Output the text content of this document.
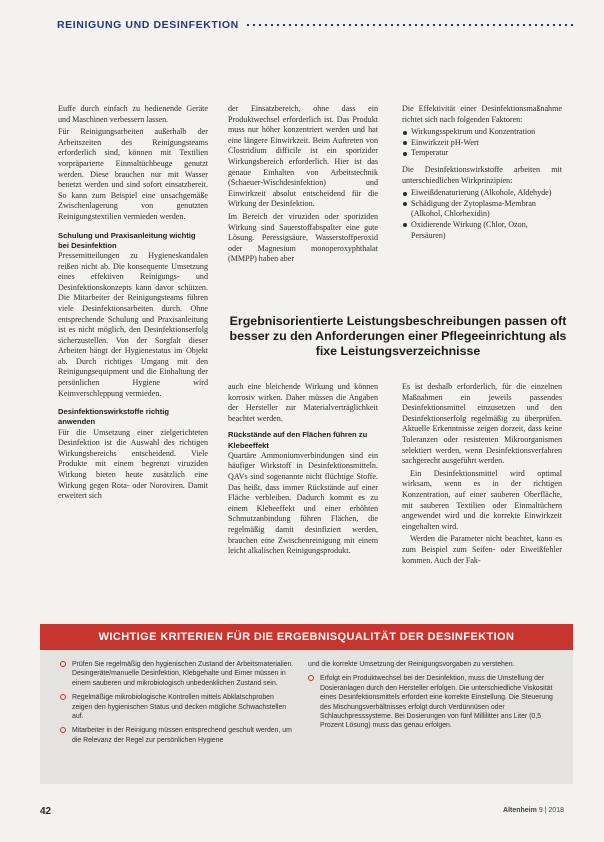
REINIGUNG UND DESINFEKTION

Euffe durch einfach zu bedienende Geräte und Maschinen verbessern lassen.

Für Reinigungsarbeiten außerhalb der Arbeitszeiten des Reinigungsteams erforderlich sind, können mit Textilien vorpräparierte Einmaltüchbeuge genutzt werden. Diese brauchen nur mit Wasser benetzt werden und sind sofort einsatzbereit. So kann zum Beispiel eine unsachgemäße Zwischenlagerung von genutzten Reinigungstextilien vermieden werden.

Schulung und Praxisanleitung wichtig bei Desinfektion

Pressemitteilungen zu Hygieneskandalen reißen nicht ab. Die konsequente Umsetzung eines effektiven Reinigungs- und Desinfektionskonzepts kann davor schützen. Die Mitarbeiter der Reinigungsteams führen viele Desinfektionsarbeiten durch. Ohne entsprechende Schulung und Praxisanleitung ist es nicht möglich, den Desinfektionserfolg sicherzustellen. Von der Sorgfalt dieser Arbeiten hängt der Hygienestatus im Objekt ab. Durch richtiges Umgang mit den Reinigungsequipment und die Einhaltung der persönlichen Hygiene wird Keimverschleppung vermieden.

Desinfektionswirkstoffe richtig anwenden

Für die Umsetzung einer zielgerichteten Desinfektion ist die Auswahl des richtigen Wirkungsbereichs entscheidend. Viele Produkte mit einem begrenzt viruziden Wirkung bieten heute zusätzlich eine Wirkung gegen Rota- oder Noroviren. Damit erweitert sich

der Einsatzbereich, ohne dass ein Produktwechsel erforderlich ist. Das Produkt muss nur höher konzentriert werden und hat eine längere Einwirkzeit. Beim Auftreten von Clostridium difficile ist ein sporizider Wirkungsbereich erforderlich. Hier ist das genaue Einhalten von Arbeitstechnik (Schaeuer-Wischdesinfektion) und Einwirkzeit absolut entscheidend für die Wirkung der Desinfektion.

Im Bereich der viruziden oder sporiziden Wirkung sind Sauerstoffabspalter eine gute Lösung. Peressigsäure, Wasserstoffperoxid oder Magnesium monoperoxyphthalat (MMPP) haben aber

Die Effektivität einer Desinfektionsmaßnahme richtet sich nach folgenden Faktoren:

Wirkungsspektrum und Konzentration
Einwirkzeit pH-Wert
Temperatur

Die Desinfektionswirkstoffe arbeiten mit unterschiedlichen Wirkprinzipien:

Eiweißdenaturierung (Alkohole, Aldehyde)
Schädigung der Zytoplasma-Membran (Alkohol, Chlorhexidin)
Oxidierende Wirkung (Chlor, Ozon, Persäuren)
Ergebnisorientierte Leistungsbeschreibungen passen oft besser zu den Anforderungen einer Pflegeeinrichtung als fixe Leistungsverzeichnisse

auch eine bleichende Wirkung und können korrosiv wirken. Daher müssen die Angaben der Hersteller zur Materialverträglichkeit beachtet werden.

Rückstände auf den Flächen führen zu Klebeeffekt

Quartäre Ammoniumverbindungen sind ein häufiger Wirkstoff in Desinfektionsmitteln. QAVs sind sogenannte nicht flüchtige Stoffe. Das heißt, dass immer Rückstände auf einer Fläche verbleiben. Dadurch kommt es zu einem Klebeeffekt und einer erhöhten Schmutzanbindung führen Flächen, die regelmäßig damit desinfiziert werden, brauchen eine Zwischenreinigung mit einem leicht alkalischen Reinigungsprodukt.

Es ist deshalb erforderlich, für die einzelnen Maßnahmen ein jeweils passendes Desinfektionsmittel einzusetzen und den Desinfektionserfolg regelmäßig zu überprüfen. Aktuelle Erkenntnisse zeigen dorzeit, dass keine Toleranzen oder resistenten Mikroorganismen selektiert werden, wenn Desinfektionsverfahren sachgerecht ausgeführt werden.

Ein Desinfektionsmittel wird optimal wirksam, wenn es in der richtigen Konzentration, auf einer sauberen Oberfläche, mit sauberen Textilien oder Einmaltüchern angewendet wird und die korrekte Einwirkzeit eingehalten wird.

Werden die Parameter nicht beachtet, kann es zum Beispiel zum Seifen- oder Eiweißfehler kommen. Auch der Fak-

WICHTIGE KRITERIEN FÜR DIE ERGEBNISQUALITÄT DER DESINFEKTION
Prüfen Sie regelmäßig den hygienischen Zustand der Arbeitsmaterialien. Desingeräte/manuelle Desinfektion, Klebgehalte und Eimer müssen in einem sauberen und mikrobiologisch unbedenklichen Zustand sein.
Regelmäßige mikrobiologische Kontrollen mittels Abklatschproben zeigen den hygienischen Status und decken mögliche Schwachstellen auf.
Mitarbeiter in der Reinigung müssen entsprechend geschult werden, um die Relevanz der Regel zur persönlichen Hygiene
und die korrekte Umsetzung der Reinigungsvorgaben zu verstehen.
Erfolgt ein Produktwechsel bei der Desinfektion, muss die Umstellung der Dosieranlagen durch den Hersteller erfolgen. Die unterschiedliche Viskosität eines Desinfektionsmittels erfordert eine korrekte Einstellung. Die Steuerung des Mischungsverhältnisses erfolgt durch Verdünnüsen oder Schlauchpresssysteme. Bei Dosierungen von fünf Millilitter ans Liter (0,5 Prozent Lösung) muss das genau erfolgen.
42	Altenheim 9 | 2018
